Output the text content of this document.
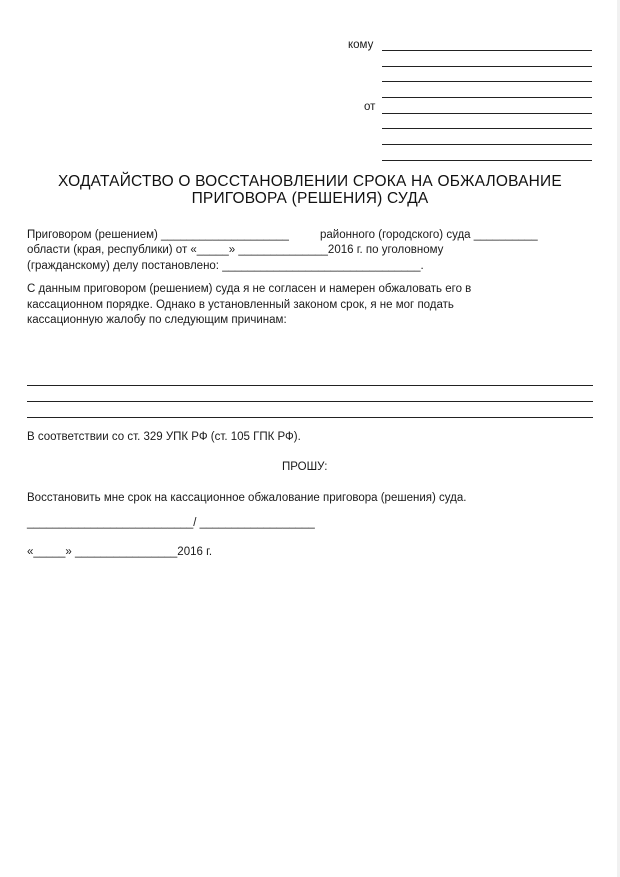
кому
от
ХОДАТАЙСТВО О ВОССТАНОВЛЕНИИ СРОКА НА ОБЖАЛОВАНИЕ
ПРИГОВОРА (РЕШЕНИЯ) СУДА
Приговором (решением) ____________________	районного (городского) суда __________
области (края, республики) от «_____» ______________2016 г. по уголовному
(гражданскому) делу постановлено: _______________________________.
С данным приговором (решением) суда я не согласен и намерен обжаловать его в
кассационном порядке. Однако в установленный законом срок, я не мог подать
кассационную жалобу по следующим причинам:
В соответствии со ст. 329 УПК РФ (ст. 105 ГПК РФ).
ПРОШУ:
Восстановить мне срок на кассационное обжалование приговора (решения) суда.
__________________________/ __________________
«_____» ________________2016 г.
